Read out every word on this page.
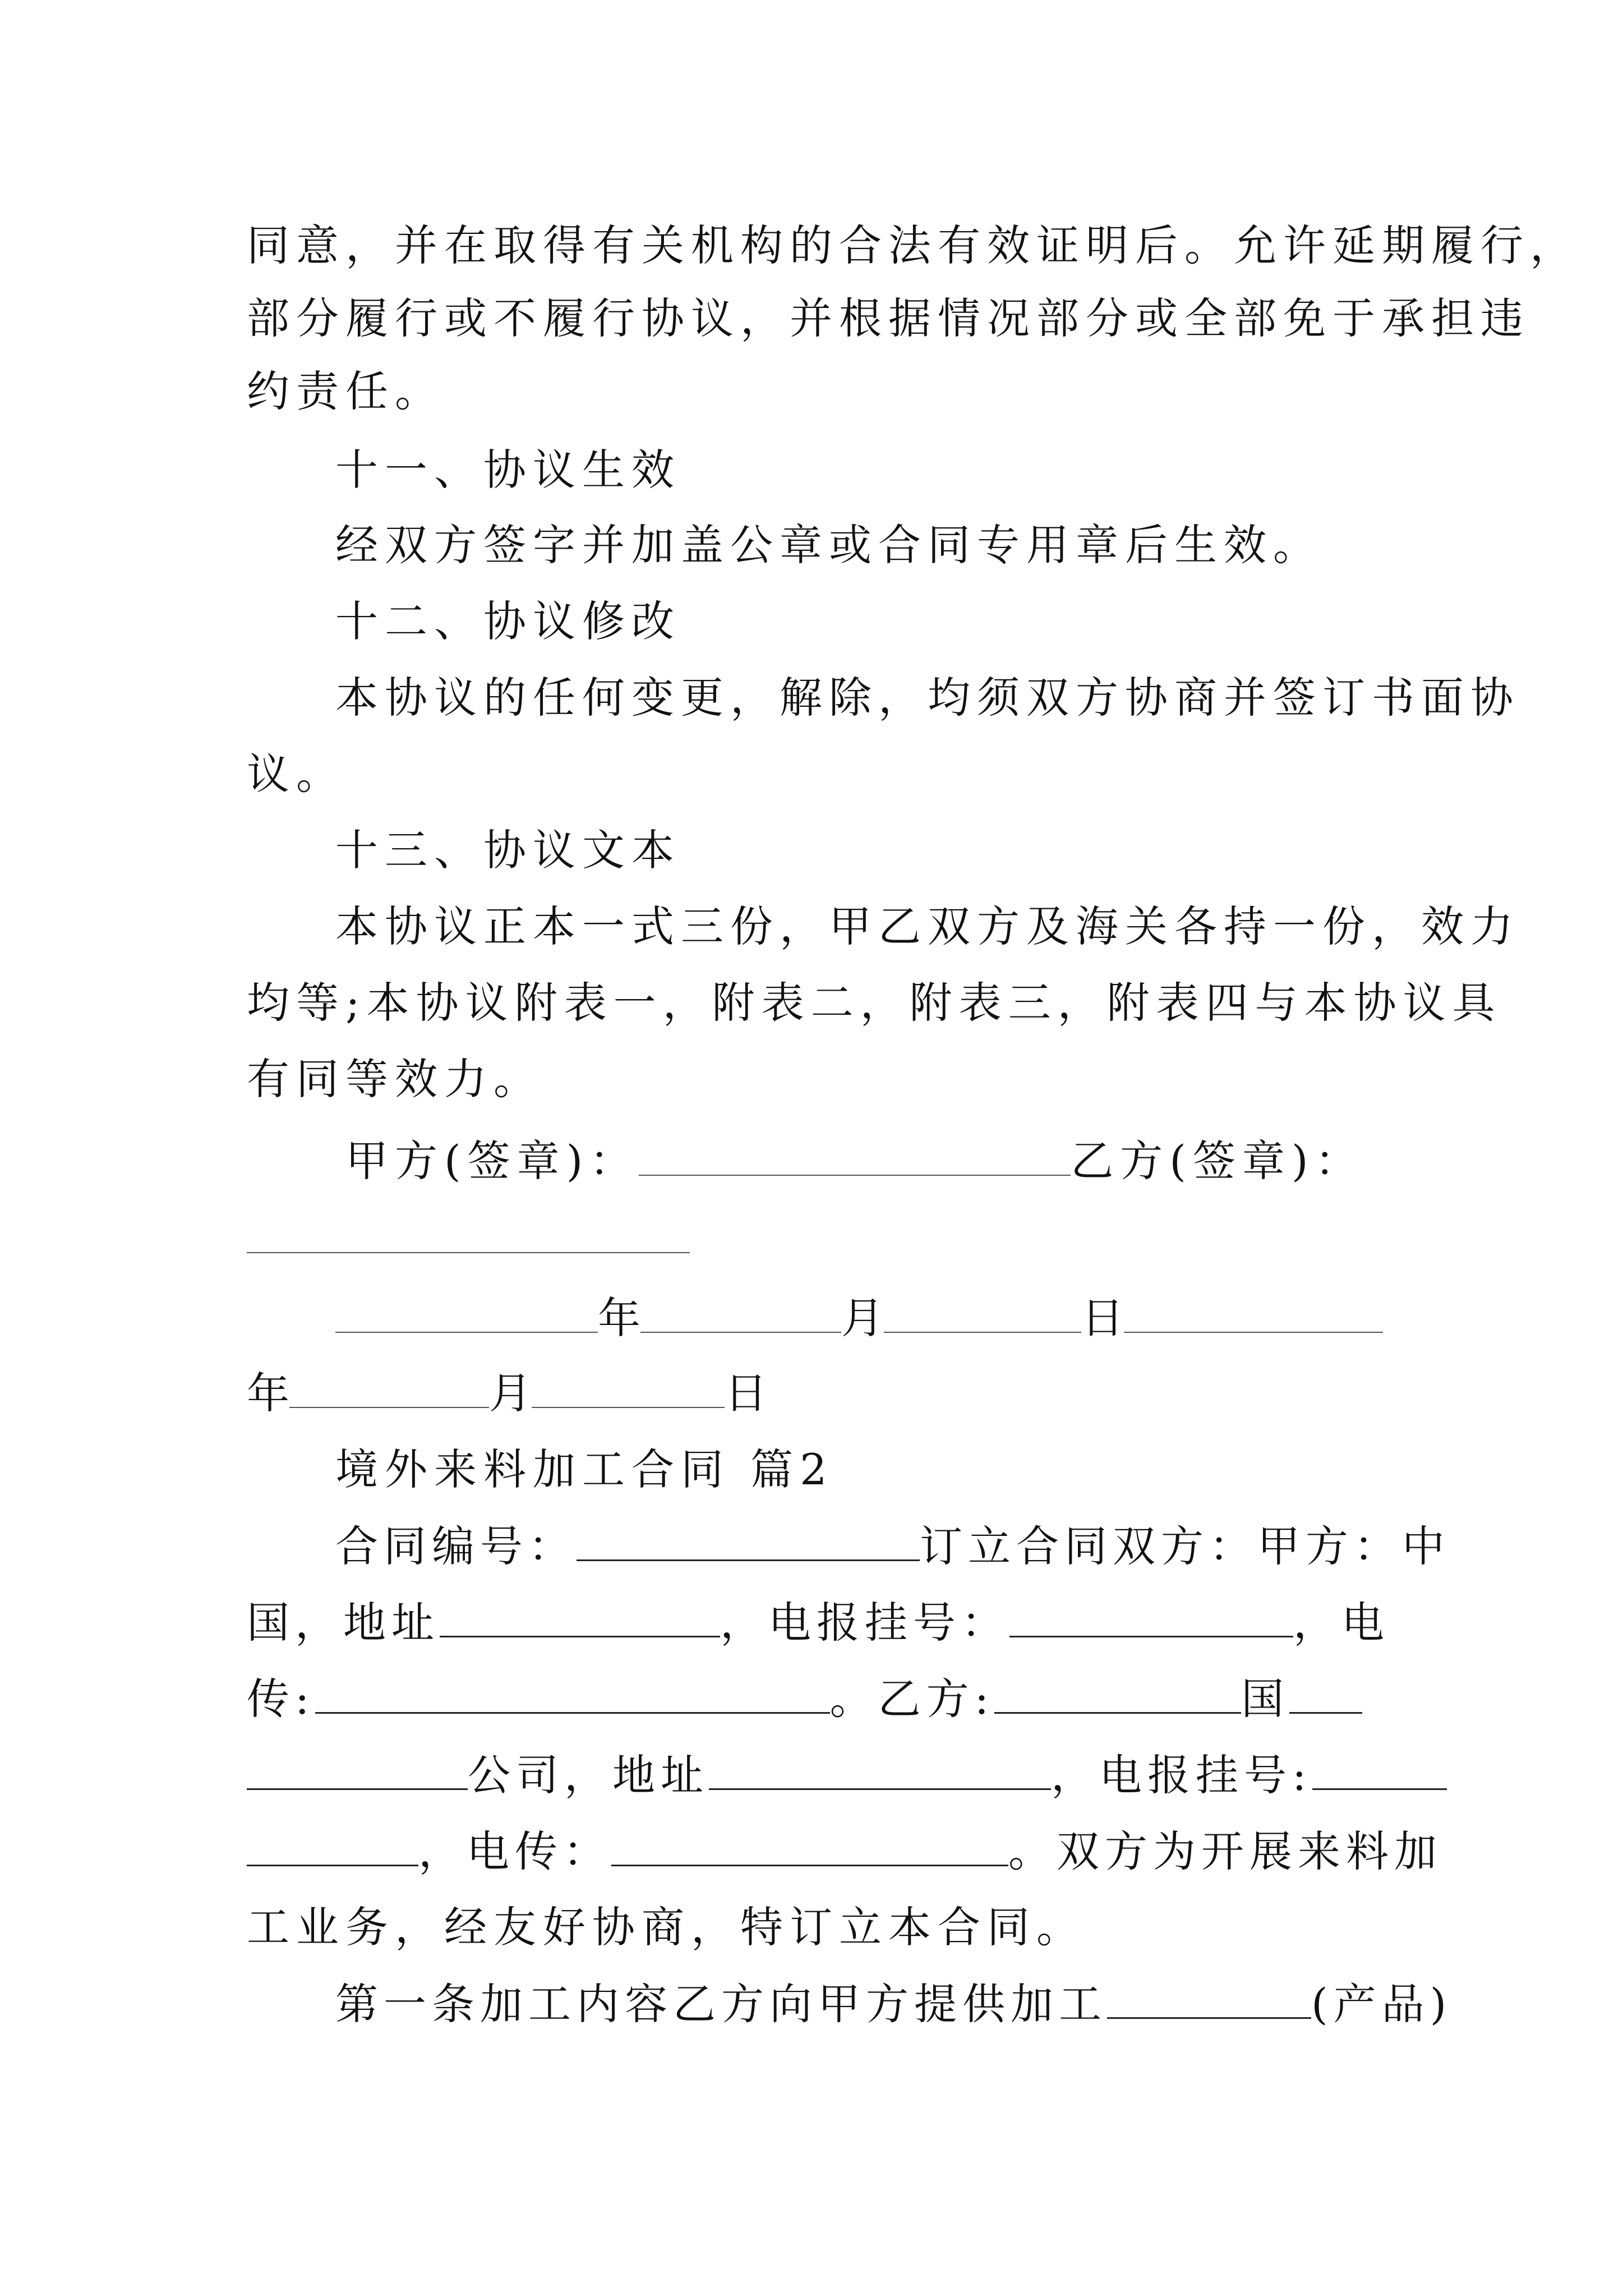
同意，并在取得有关机构的合法有效证明后。允许延期履行，
部分履行或不履行协议，并根据情况部分或全部免于承担违
约责任。
十一、协议生效
经双方签字并加盖公章或合同专用章后生效。
十二、协议修改
本协议的任何变更，解除，均须双方协商并签订书面协
议。
十三、协议文本
本协议正本一式三份，甲乙双方及海关各持一份，效力
均等;本协议附表一，附表二，附表三，附表四与本协议具
有同等效力。
甲方(签章)：	乙方(签章)：
年	月	日
年	月	日
境外来料加工合同 篇2
合同编号：	订立合同双方：甲方：中
国，地址	，电报挂号：	，电
传:	。乙方:	国
公司，地址	，电报挂号:
，电传：	。双方为开展来料加
工业务，经友好协商，特订立本合同。
第一条加工内容乙方向甲方提供加工	(产品)
